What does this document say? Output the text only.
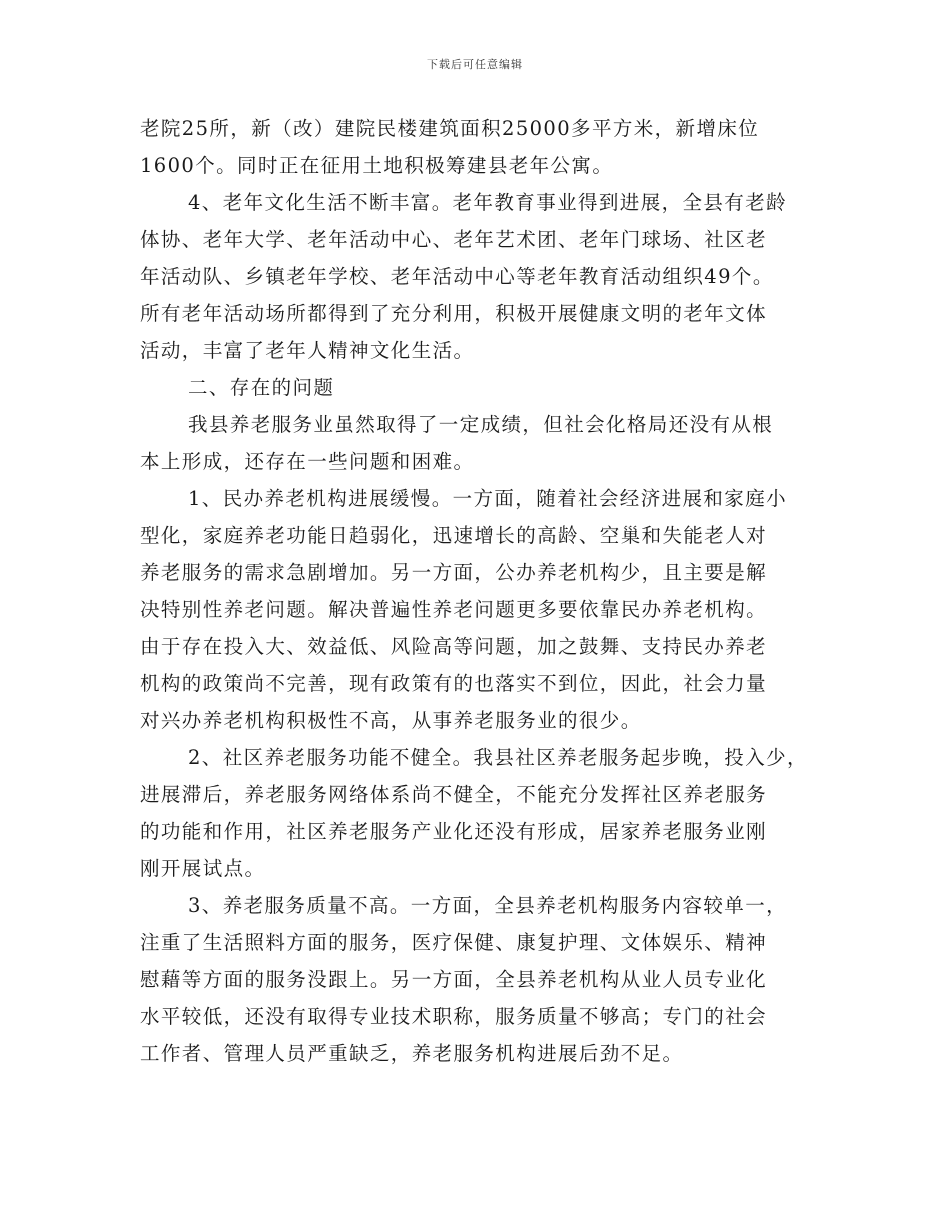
下载后可任意编辑
老院25所，新（改）建院民楼建筑面积25000多平方米，新增床位
1600个。同时正在征用土地积极筹建县老年公寓。
4、老年文化生活不断丰富。老年教育事业得到进展，全县有老龄
体协、老年大学、老年活动中心、老年艺术团、老年门球场、社区老
年活动队、乡镇老年学校、老年活动中心等老年教育活动组织49个。
所有老年活动场所都得到了充分利用，积极开展健康文明的老年文体
活动，丰富了老年人精神文化生活。
二、存在的问题
我县养老服务业虽然取得了一定成绩，但社会化格局还没有从根
本上形成，还存在一些问题和困难。
1、民办养老机构进展缓慢。一方面，随着社会经济进展和家庭小
型化，家庭养老功能日趋弱化，迅速增长的高龄、空巢和失能老人对
养老服务的需求急剧增加。另一方面，公办养老机构少，且主要是解
决特别性养老问题。解决普遍性养老问题更多要依靠民办养老机构。
由于存在投入大、效益低、风险高等问题，加之鼓舞、支持民办养老
机构的政策尚不完善，现有政策有的也落实不到位，因此，社会力量
对兴办养老机构积极性不高，从事养老服务业的很少。
2、社区养老服务功能不健全。我县社区养老服务起步晚，投入少，
进展滞后，养老服务网络体系尚不健全，不能充分发挥社区养老服务
的功能和作用，社区养老服务产业化还没有形成，居家养老服务业刚
刚开展试点。
3、养老服务质量不高。一方面，全县养老机构服务内容较单一，
注重了生活照料方面的服务，医疗保健、康复护理、文体娱乐、精神
慰藉等方面的服务没跟上。另一方面，全县养老机构从业人员专业化
水平较低，还没有取得专业技术职称，服务质量不够高；专门的社会
工作者、管理人员严重缺乏，养老服务机构进展后劲不足。
